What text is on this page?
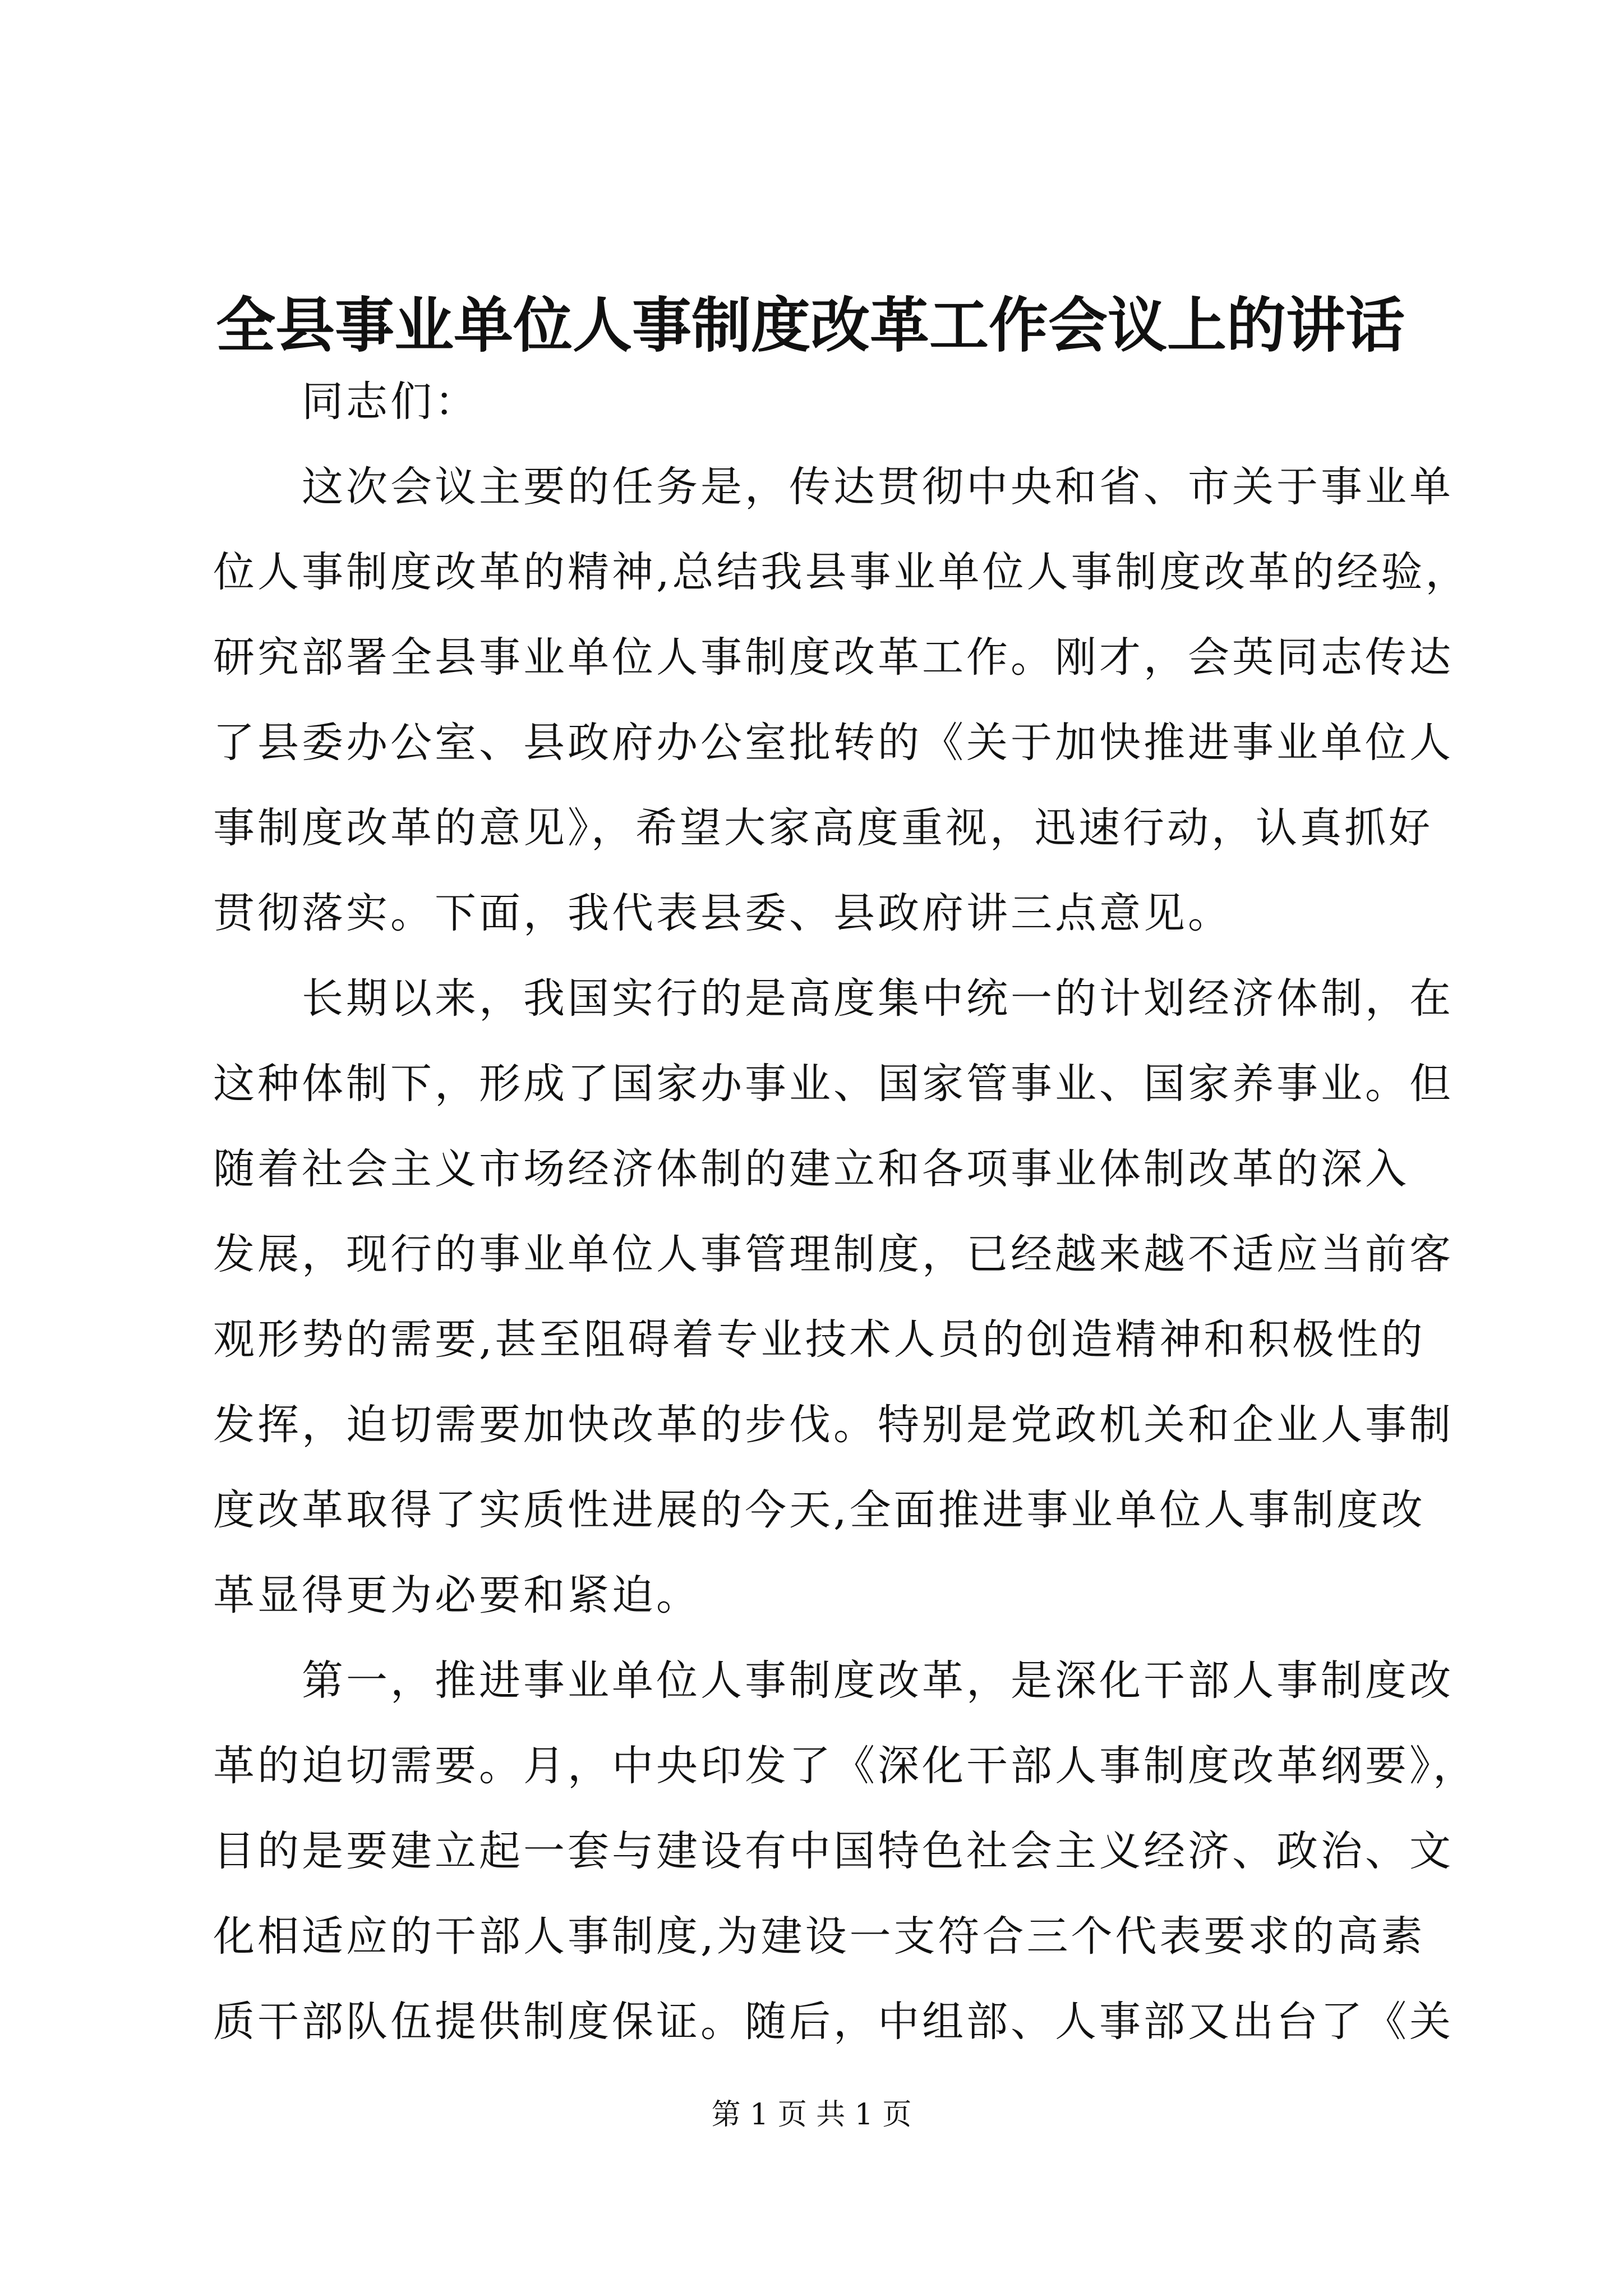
全县事业单位人事制度改革工作会议上的讲话
同志们：
这次会议主要的任务是，传达贯彻中央和省、市关于事业单
位人事制度改革的精神,总结我县事业单位人事制度改革的经验，
研究部署全县事业单位人事制度改革工作。刚才，会英同志传达
了县委办公室、县政府办公室批转的《关于加快推进事业单位人
事制度改革的意见》，希望大家高度重视，迅速行动，认真抓好
贯彻落实。下面，我代表县委、县政府讲三点意见。
长期以来，我国实行的是高度集中统一的计划经济体制，在
这种体制下，形成了国家办事业、国家管事业、国家养事业。但
随着社会主义市场经济体制的建立和各项事业体制改革的深入
发展，现行的事业单位人事管理制度，已经越来越不适应当前客
观形势的需要,甚至阻碍着专业技术人员的创造精神和积极性的
发挥，迫切需要加快改革的步伐。特别是党政机关和企业人事制
度改革取得了实质性进展的今天,全面推进事业单位人事制度改
革显得更为必要和紧迫。
第一，推进事业单位人事制度改革，是深化干部人事制度改
革的迫切需要。月，中央印发了《深化干部人事制度改革纲要》，
目的是要建立起一套与建设有中国特色社会主义经济、政治、文
化相适应的干部人事制度,为建设一支符合三个代表要求的高素
质干部队伍提供制度保证。随后，中组部、人事部又出台了《关
第 1 页 共 1 页
